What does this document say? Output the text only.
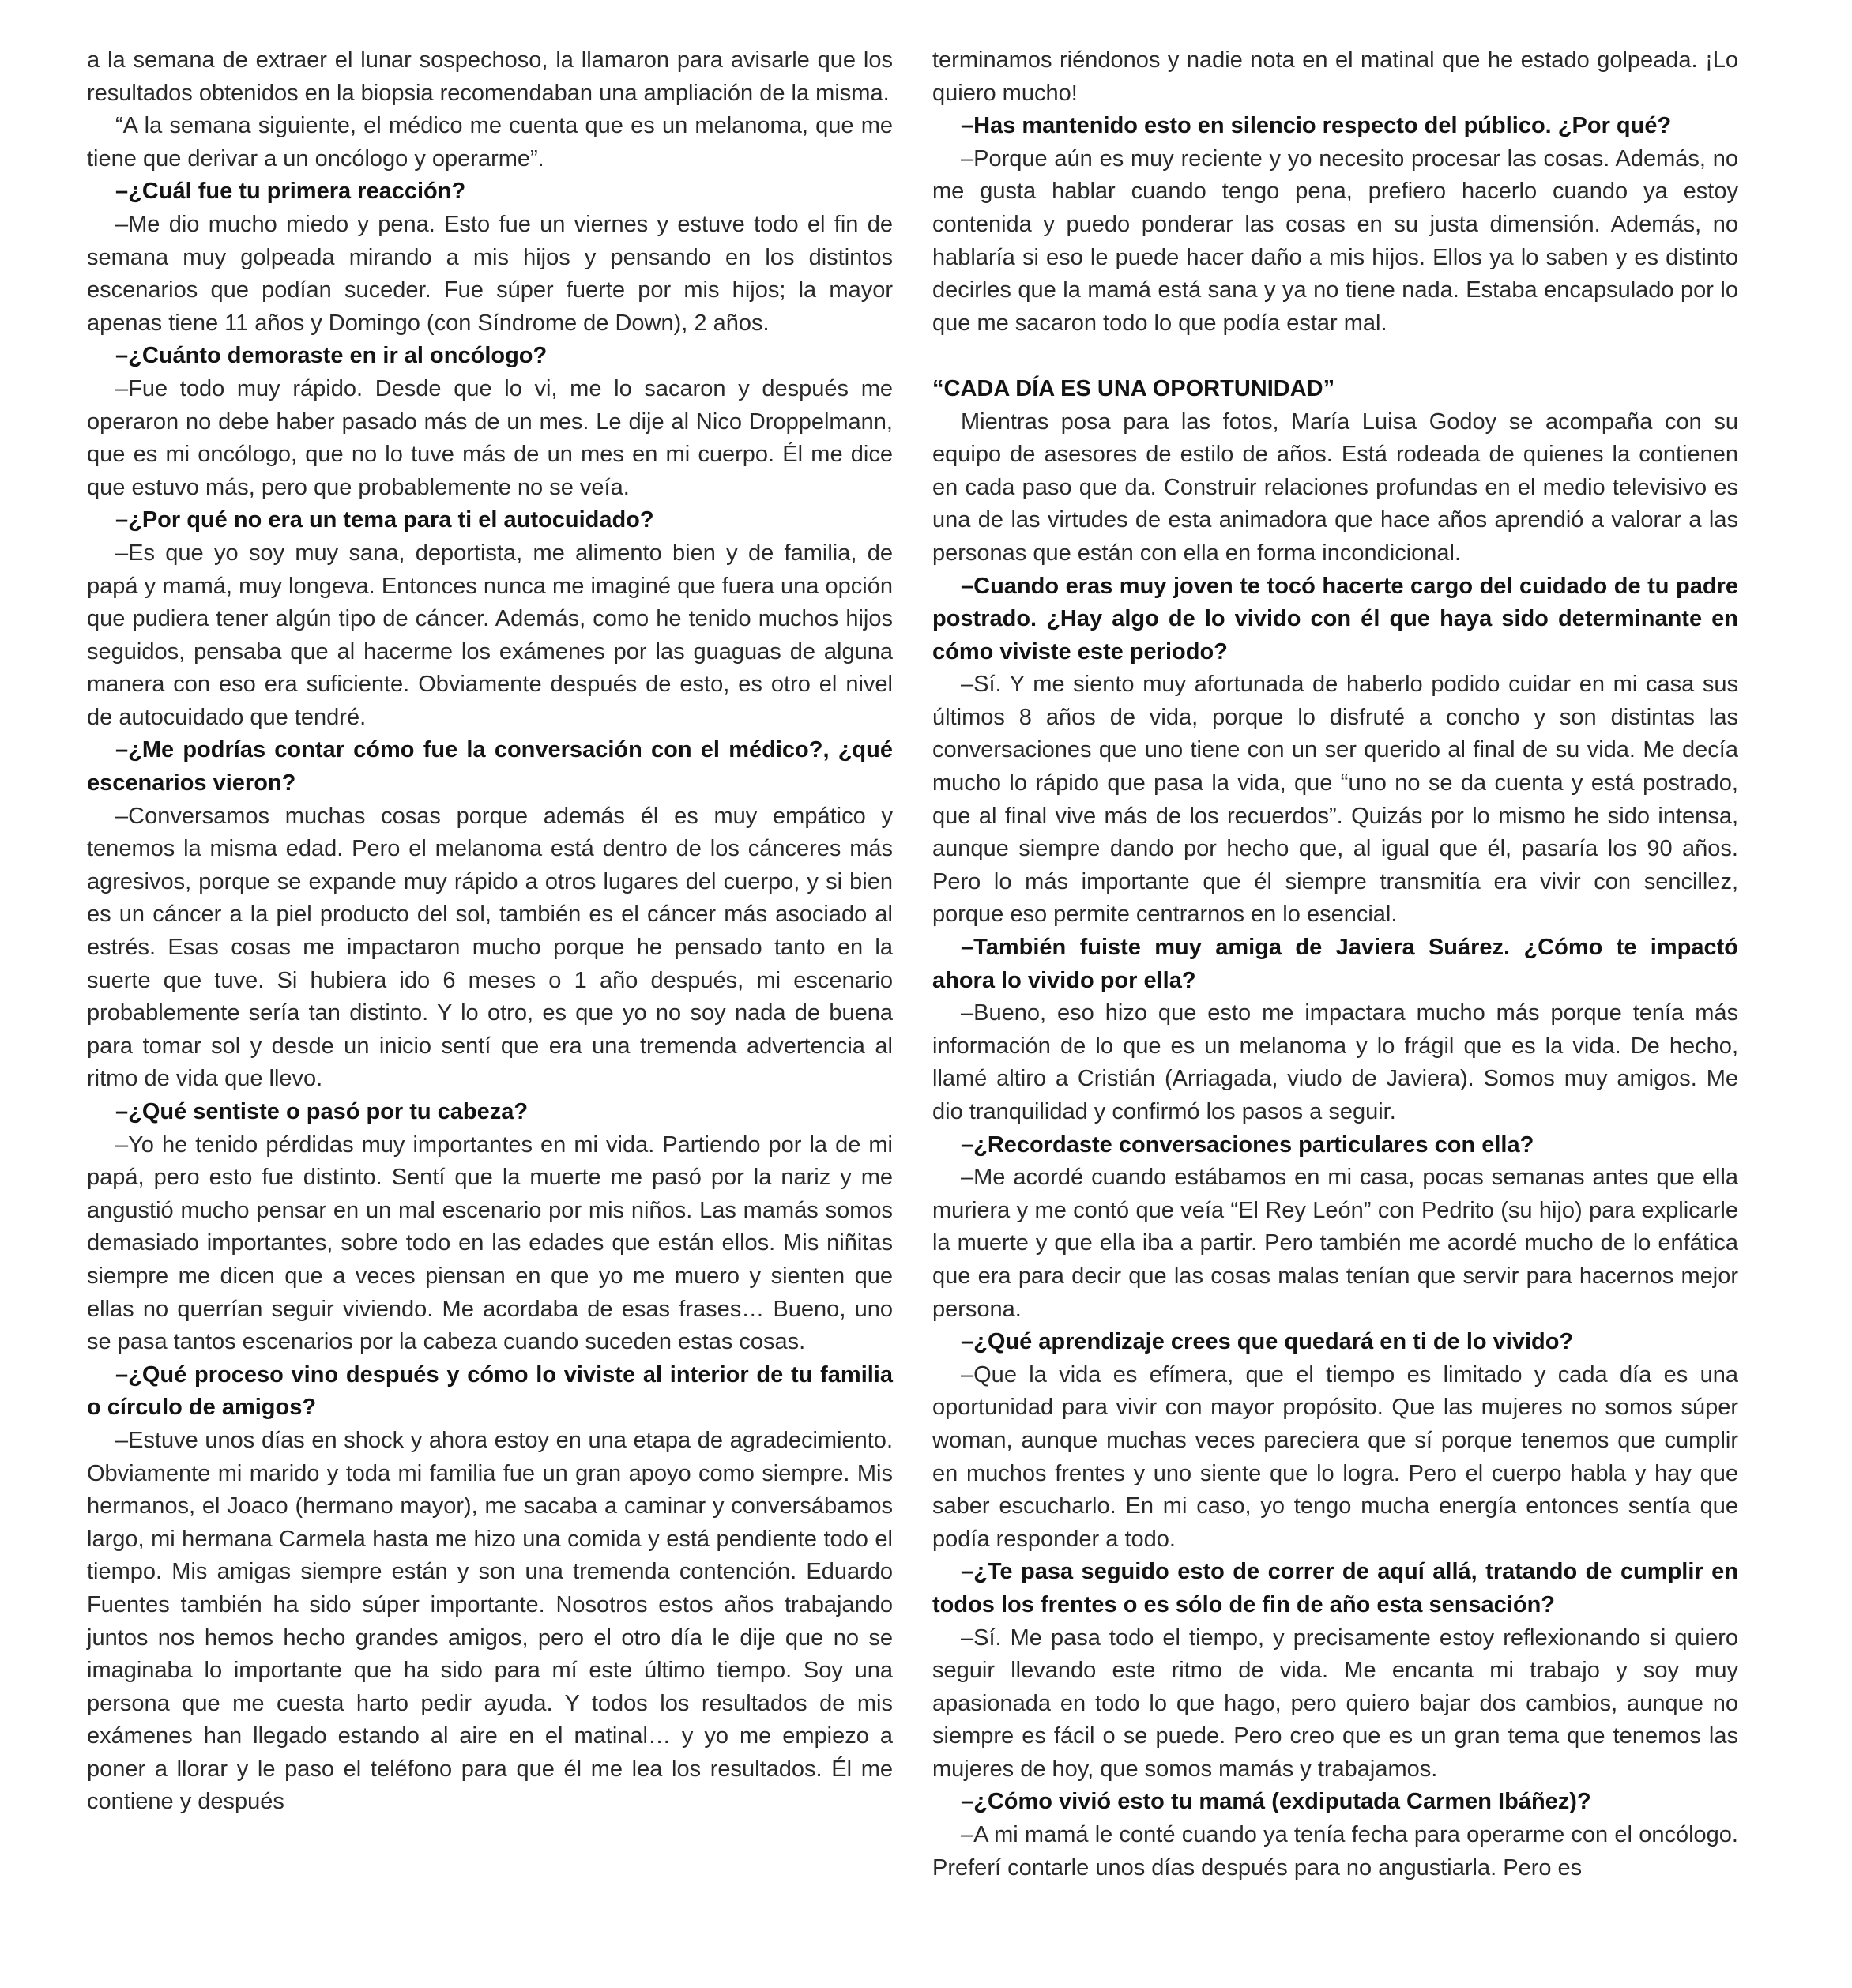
a la semana de extraer el lunar sospechoso, la llamaron para avisarle que los resultados obtenidos en la biopsia recomendaban una ampliación de la misma.

“A la semana siguiente, el médico me cuenta que es un melanoma, que me tiene que derivar a un oncólogo y operarme”.

–¿Cuál fue tu primera reacción?

–Me dio mucho miedo y pena. Esto fue un viernes y estuve todo el fin de semana muy golpeada mirando a mis hijos y pensando en los distintos escenarios que podían suceder. Fue súper fuerte por mis hijos; la mayor apenas tiene 11 años y Domingo (con Síndrome de Down), 2 años.

–¿Cuánto demoraste en ir al oncólogo?

–Fue todo muy rápido. Desde que lo vi, me lo sacaron y después me operaron no debe haber pasado más de un mes. Le dije al Nico Droppelmann, que es mi oncólogo, que no lo tuve más de un mes en mi cuerpo. Él me dice que estuvo más, pero que probablemente no se veía.

–¿Por qué no era un tema para ti el autocuidado?

–Es que yo soy muy sana, deportista, me alimento bien y de familia, de papá y mamá, muy longeva. Entonces nunca me imaginé que fuera una opción que pudiera tener algún tipo de cáncer. Además, como he tenido muchos hijos seguidos, pensaba que al hacerme los exámenes por las guaguas de alguna manera con eso era suficiente. Obviamente después de esto, es otro el nivel de autocuidado que tendré.

–¿Me podrías contar cómo fue la conversación con el médico?, ¿qué escenarios vieron?

–Conversamos muchas cosas porque además él es muy empático y tenemos la misma edad. Pero el melanoma está dentro de los cánceres más agresivos, porque se expande muy rápido a otros lugares del cuerpo, y si bien es un cáncer a la piel producto del sol, también es el cáncer más asociado al estrés. Esas cosas me impactaron mucho porque he pensado tanto en la suerte que tuve. Si hubiera ido 6 meses o 1 año después, mi escenario probablemente sería tan distinto. Y lo otro, es que yo no soy nada de buena para tomar sol y desde un inicio sentí que era una tremenda advertencia al ritmo de vida que llevo.

–¿Qué sentiste o pasó por tu cabeza?

–Yo he tenido pérdidas muy importantes en mi vida. Partiendo por la de mi papá, pero esto fue distinto. Sentí que la muerte me pasó por la nariz y me angustió mucho pensar en un mal escenario por mis niños. Las mamás somos demasiado importantes, sobre todo en las edades que están ellos. Mis niñitas siempre me dicen que a veces piensan en que yo me muero y sienten que ellas no querrían seguir viviendo. Me acordaba de esas frases… Bueno, uno se pasa tantos escenarios por la cabeza cuando suceden estas cosas.

–¿Qué proceso vino después y cómo lo viviste al interior de tu familia o círculo de amigos?

–Estuve unos días en shock y ahora estoy en una etapa de agradecimiento. Obviamente mi marido y toda mi familia fue un gran apoyo como siempre. Mis hermanos, el Joaco (hermano mayor), me sacaba a caminar y conversábamos largo, mi hermana Carmela hasta me hizo una comida y está pendiente todo el tiempo. Mis amigas siempre están y son una tremenda contención. Eduardo Fuentes también ha sido súper importante. Nosotros estos años trabajando juntos nos hemos hecho grandes amigos, pero el otro día le dije que no se imaginaba lo importante que ha sido para mí este último tiempo. Soy una persona que me cuesta harto pedir ayuda. Y todos los resultados de mis exámenes han llegado estando al aire en el matinal… y yo me empiezo a poner a llorar y le paso el teléfono para que él me lea los resultados. Él me contiene y después

terminamos riéndonos y nadie nota en el matinal que he estado golpeada. ¡Lo quiero mucho!

–Has mantenido esto en silencio respecto del público. ¿Por qué?

–Porque aún es muy reciente y yo necesito procesar las cosas. Además, no me gusta hablar cuando tengo pena, prefiero hacerlo cuando ya estoy contenida y puedo ponderar las cosas en su justa dimensión. Además, no hablaría si eso le puede hacer daño a mis hijos. Ellos ya lo saben y es distinto decirles que la mamá está sana y ya no tiene nada. Estaba encapsulado por lo que me sacaron todo lo que podía estar mal.

“CADA DÍA ES UNA OPORTUNIDAD”

Mientras posa para las fotos, María Luisa Godoy se acompaña con su equipo de asesores de estilo de años. Está rodeada de quienes la contienen en cada paso que da. Construir relaciones profundas en el medio televisivo es una de las virtudes de esta animadora que hace años aprendió a valorar a las personas que están con ella en forma incondicional.

–Cuando eras muy joven te tocó hacerte cargo del cuidado de tu padre postrado. ¿Hay algo de lo vivido con él que haya sido determinante en cómo viviste este periodo?

–Sí. Y me siento muy afortunada de haberlo podido cuidar en mi casa sus últimos 8 años de vida, porque lo disfruté a concho y son distintas las conversaciones que uno tiene con un ser querido al final de su vida. Me decía mucho lo rápido que pasa la vida, que “uno no se da cuenta y está postrado, que al final vive más de los recuerdos”. Quizás por lo mismo he sido intensa, aunque siempre dando por hecho que, al igual que él, pasaría los 90 años. Pero lo más importante que él siempre transmitía era vivir con sencillez, porque eso permite centrarnos en lo esencial.

–También fuiste muy amiga de Javiera Suárez. ¿Cómo te impactó ahora lo vivido por ella?

–Bueno, eso hizo que esto me impactara mucho más porque tenía más información de lo que es un melanoma y lo frágil que es la vida. De hecho, llamé altiro a Cristián (Arriagada, viudo de Javiera). Somos muy amigos. Me dio tranquilidad y confirmó los pasos a seguir.

–¿Recordaste conversaciones particulares con ella?

–Me acordé cuando estábamos en mi casa, pocas semanas antes que ella muriera y me contó que veía “El Rey León” con Pedrito (su hijo) para explicarle la muerte y que ella iba a partir. Pero también me acordé mucho de lo enfática que era para decir que las cosas malas tenían que servir para hacernos mejor persona.

–¿Qué aprendizaje crees que quedará en ti de lo vivido?

–Que la vida es efímera, que el tiempo es limitado y cada día es una oportunidad para vivir con mayor propósito. Que las mujeres no somos súper woman, aunque muchas veces pareciera que sí porque tenemos que cumplir en muchos frentes y uno siente que lo logra. Pero el cuerpo habla y hay que saber escucharlo. En mi caso, yo tengo mucha energía entonces sentía que podía responder a todo.

–¿Te pasa seguido esto de correr de aquí allá, tratando de cumplir en todos los frentes o es sólo de fin de año esta sensación?

–Sí. Me pasa todo el tiempo, y precisamente estoy reflexionando si quiero seguir llevando este ritmo de vida. Me encanta mi trabajo y soy muy apasionada en todo lo que hago, pero quiero bajar dos cambios, aunque no siempre es fácil o se puede. Pero creo que es un gran tema que tenemos las mujeres de hoy, que somos mamás y trabajamos.

–¿Cómo vivió esto tu mamá (exdiputada Carmen Ibáñez)?

–A mi mamá le conté cuando ya tenía fecha para operarme con el oncólogo. Preferí contarle unos días después para no angustiarla. Pero es
